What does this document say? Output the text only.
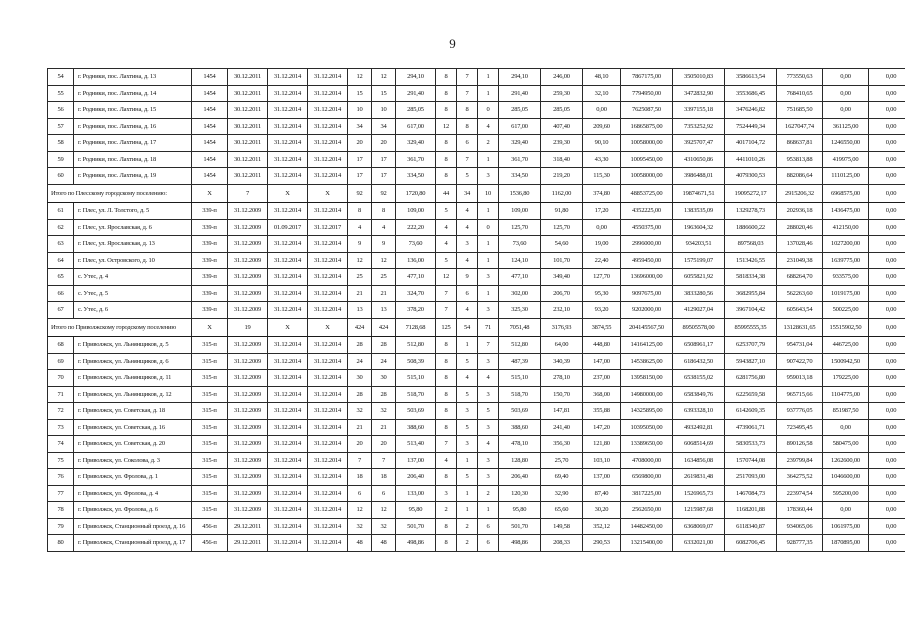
9
54	г. Родники, пос. Лахтина, д. 13	1454	30.12.2011	31.12.2014	31.12.2014	12	12	294,10	8	7	1	294,10	246,00	48,10	7867175,00	3505010,83	3586613,54	773550,63	0,00	0,00
55	г. Родники, пос. Лахтина, д. 14	1454	30.12.2011	31.12.2014	31.12.2014	15	15	291,40	8	7	1	291,40	259,30	32,10	7794950,00	3472832,90	3553686,45	768410,65	0,00	0,00
56	г. Родники, пос. Лахтина, д. 15	1454	30.12.2011	31.12.2014	31.12.2014	10	10	285,05	8	8	0	285,05	285,05	0,00	7625087,50	3397155,18	3476246,82	751685,50	0,00	0,00
57	г. Родники, пос. Лахтина, д. 16	1454	30.12.2011	31.12.2014	31.12.2014	34	34	617,00	12	8	4	617,00	407,40	209,60	16865875,00	7353252,92	7524449,34	1627047,74	361125,00	0,00
58	г. Родники, пос. Лахтина, д. 17	1454	30.12.2011	31.12.2014	31.12.2014	20	20	329,40	8	6	2	329,40	239,30	90,10	10058000,00	3925707,47	4017104,72	868637,81	1246550,00	0,00
59	г. Родники, пос. Лахтина, д. 18	1454	30.12.2011	31.12.2014	31.12.2014	17	17	361,70	8	7	1	361,70	318,40	43,30	10095450,00	4310650,86	4411010,26	953813,88	419975,00	0,00
60	г. Родники, пос. Лахтина, д. 19	1454	30.12.2011	31.12.2014	31.12.2014	17	17	334,50	8	5	3	334,50	219,20	115,30	10058000,00	3986488,01	4079300,53	882086,64	1110125,00	0,00
Итого по Плесскому городскому поселению:		X	7	X	X	92	92	1720,80	44	34	10	1536,80	1162,00	374,80	48853725,00	19874671,51	19095272,17	2915206,32	6968575,00	0,00
61	г. Плес, ул. Л. Толстого, д. 5	339-п	31.12.2009	31.12.2014	31.12.2014	8	8	109,00	5	4	1	109,00	91,80	17,20	4352225,00	1383535,09	1329278,73	202936,18	1436475,00	0,00
62	г. Плес, ул. Ярославская, д. 6	339-п	31.12.2009	01.09.2017	31.12.2017	4	4	222,20	4	4	0	125,70	125,70	0,00	4550375,00	1963604,32	1886600,22	288020,46	412150,00	0,00
63	г. Плес, ул. Ярославская, д. 13	339-п	31.12.2009	31.12.2014	31.12.2014	9	9	73,60	4	3	1	73,60	54,60	19,00	2996000,00	934203,51	897568,03	137028,46	1027200,00	0,00
64	г. Плес, ул. Островского, д. 10	339-п	31.12.2009	31.12.2014	31.12.2014	12	12	136,00	5	4	1	124,10	101,70	22,40	4959450,00	1575199,07	1513426,55	231049,38	1639775,00	0,00
65	с. Утес, д. 4	339-п	31.12.2009	31.12.2014	31.12.2014	25	25	477,10	12	9	3	477,10	349,40	127,70	13696000,00	6055821,92	5818334,38	688264,70	933575,00	0,00
66	с. Утес, д. 5	339-п	31.12.2009	31.12.2014	31.12.2014	21	21	324,70	7	6	1	302,00	206,70	95,30	9097675,00	3833280,56	3682955,84	562263,60	1019175,00	0,00
67	с. Утес, д. 6	339-п	31.12.2009	31.12.2014	31.12.2014	13	13	378,20	7	4	3	325,30	232,10	93,20	9202000,00	4129027,04	3967104,42	605643,54	500225,00	0,00
Итого по Приволжскому городскому поселению		X	19	X	X	424	424	7128,68	125	54	71	7051,48	3176,93	3874,55	204145567,50	89505578,00	85995555,35	13128631,65	15515902,50	0,00
68	г. Приволжск, ул. Льнянщиков, д. 5	315-п	31.12.2009	31.12.2014	31.12.2014	28	28	512,80	8	1	7	512,80	64,00	448,80	14164125,00	6508961,17	6253707,79	954731,04	446725,00	0,00
69	г. Приволжск, ул. Льнянщиков, д. 6	315-п	31.12.2009	31.12.2014	31.12.2014	24	24	508,39	8	5	3	487,39	340,39	147,00	14538625,00	6186432,50	5943827,10	907422,70	1500942,50	0,00
70	г. Приволжск, ул. Льнянщиков, д. 11	315-п	31.12.2009	31.12.2014	31.12.2014	30	30	515,10	8	4	4	515,10	278,10	237,00	13958150,00	6538155,02	6281756,80	959013,18	179225,00	0,00
71	г. Приволжск, ул. Льнянщиков, д. 12	315-п	31.12.2009	31.12.2014	31.12.2014	28	28	518,70	8	5	3	518,70	150,70	368,00	14980000,00	6583849,76	6225659,58	965715,66	1104775,00	0,00
72	г. Приволжск, ул. Советская, д. 18	315-п	31.12.2009	31.12.2014	31.12.2014	32	32	503,69	8	3	5	503,69	147,81	355,88	14325895,00	6393328,10	6142609,35	937776,05	851987,50	0,00
73	г. Приволжск, ул. Советская, д. 16	315-п	31.12.2009	31.12.2014	31.12.2014	21	21	388,60	8	5	3	388,60	241,40	147,20	10395050,00	4932492,81	4739061,71	723495,45	0,00	0,00
74	г. Приволжск, ул. Советская, д. 20	315-п	31.12.2009	31.12.2014	31.12.2014	20	20	513,40	7	3	4	478,10	356,30	121,80	13389650,00	6068514,69	5830533,73	890126,58	580475,00	0,00
75	г. Приволжск, ул. Соколова, д. 3	315-п	31.12.2009	31.12.2014	31.12.2014	7	7	137,00	4	1	3	128,80	25,70	103,10	4708000,00	1634856,08	1570744,08	239799,84	1262600,00	0,00
76	г. Приволжск, ул. Фролова, д. 1	315-п	31.12.2009	31.12.2014	31.12.2014	18	18	206,40	8	5	3	206,40	69,40	137,00	6569800,00	2619831,48	2517093,00	364275,52	1046600,00	0,00
77	г. Приволжск, ул. Фролова, д. 4	315-п	31.12.2009	31.12.2014	31.12.2014	6	6	133,00	3	1	2	120,30	32,90	87,40	3817225,00	1526965,73	1467084,73	223974,54	595200,00	0,00
78	г. Приволжск, ул. Фролова, д. 6	315-п	31.12.2009	31.12.2014	31.12.2014	12	12	95,80	2	1	1	95,80	65,60	30,20	2562650,00	1215987,68	1168201,88	178360,44	0,00	0,00
79	г. Приволжск, Станционный проезд, д. 16	456-п	29.12.2011	31.12.2014	31.12.2014	32	32	501,70	8	2	6	501,70	149,58	352,12	14482450,00	6368069,07	6118340,87	934065,06	1061975,00	0,00
80	г. Приволжск, Станционный проезд, д. 17	456-п	29.12.2011	31.12.2014	31.12.2014	48	48	498,86	8	2	6	498,86	208,33	290,53	13215400,00	6332021,00	6082706,45	928777,35	1870895,00	0,00
